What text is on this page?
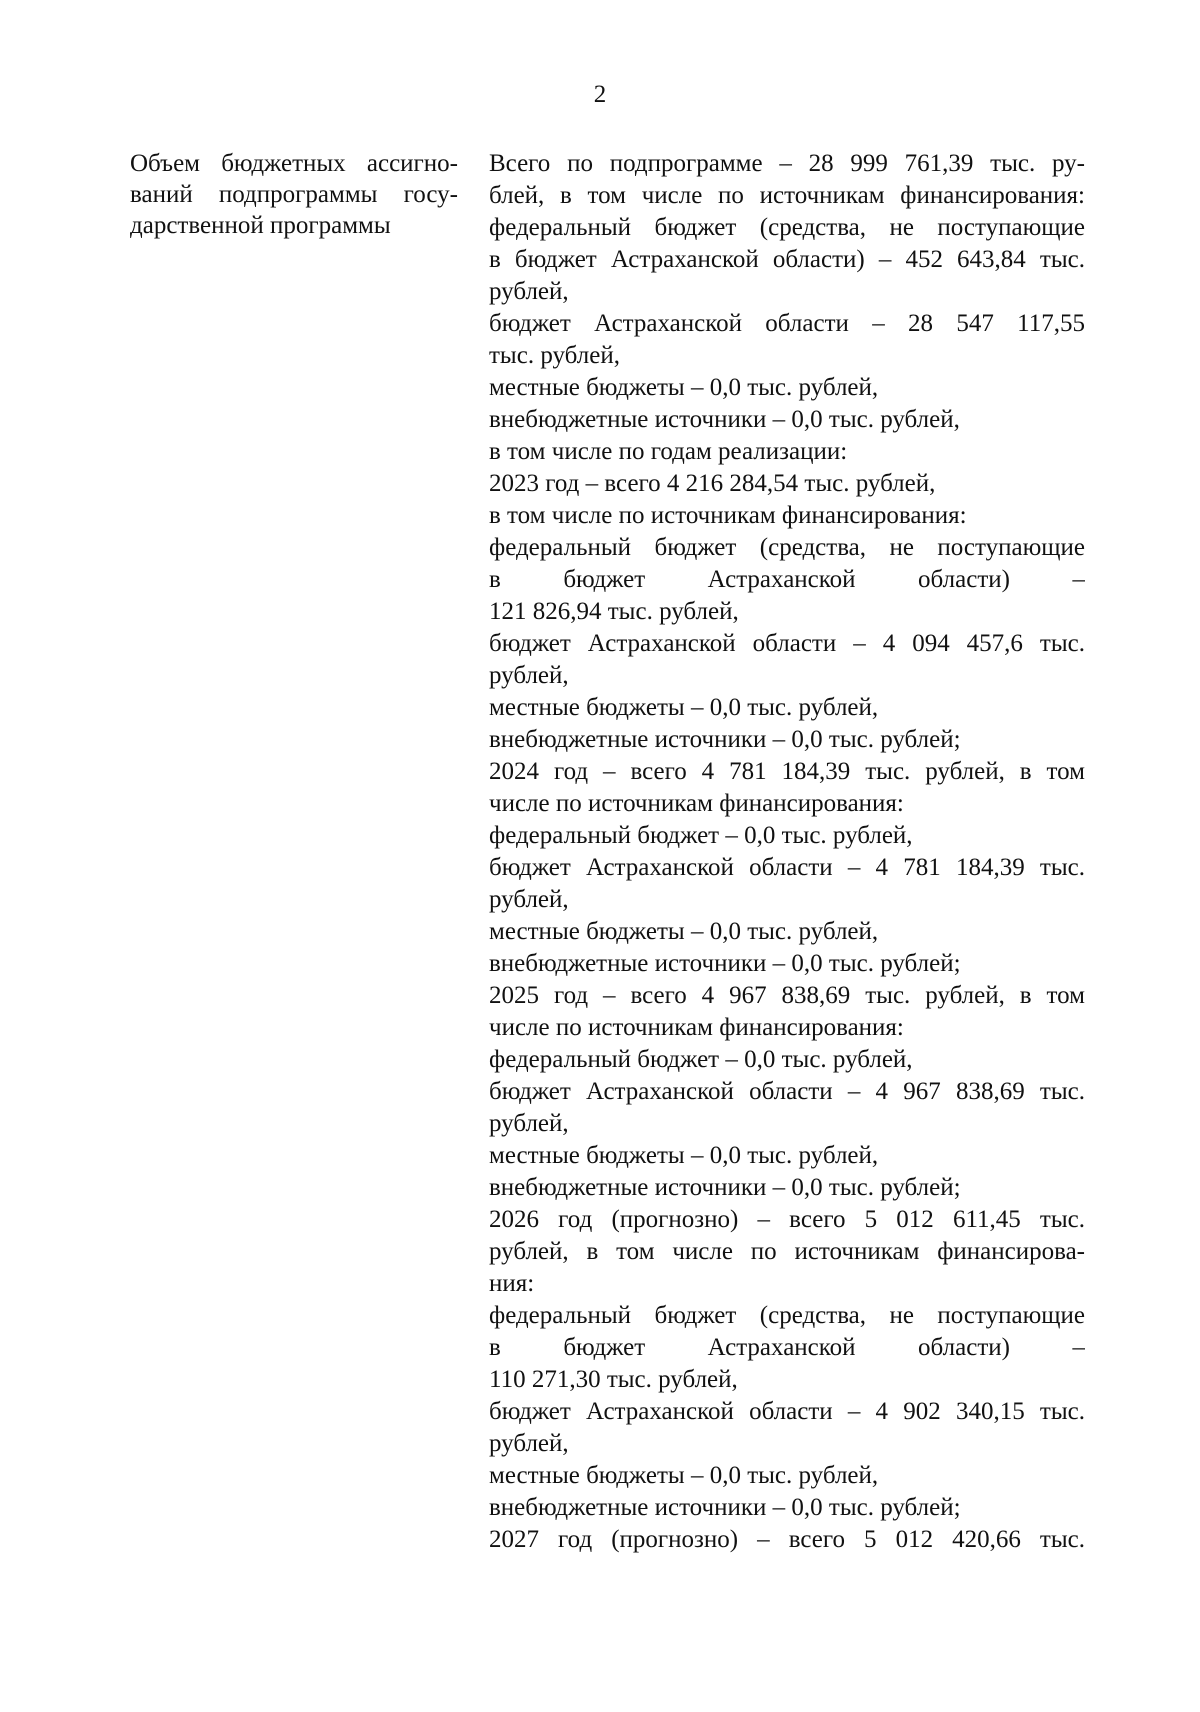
2
Объем бюджетных ассигно-
ваний подпрограммы госу-
дарственной программы
Всего по подпрограмме – 28 999 761,39 тыс. ру-
блей, в том числе по источникам финансирования:
федеральный бюджет (средства, не поступающие
в бюджет Астраханской области) – 452 643,84 тыс.
рублей,
бюджет Астраханской области – 28 547 117,55
тыс. рублей,
местные бюджеты – 0,0 тыс. рублей,
внебюджетные источники – 0,0 тыс. рублей,
в том числе по годам реализации:
2023 год – всего 4 216 284,54 тыс. рублей,
в том числе по источникам финансирования:
федеральный бюджет (средства, не поступающие
в бюджет Астраханской области) –
121 826,94 тыс. рублей,
бюджет Астраханской области – 4 094 457,6 тыс.
рублей,
местные бюджеты – 0,0 тыс. рублей,
внебюджетные источники – 0,0 тыс. рублей;
2024 год – всего 4 781 184,39 тыс. рублей, в том
числе по источникам финансирования:
федеральный бюджет – 0,0 тыс. рублей,
бюджет Астраханской области – 4 781 184,39 тыс.
рублей,
местные бюджеты – 0,0 тыс. рублей,
внебюджетные источники – 0,0 тыс. рублей;
2025 год – всего 4 967 838,69 тыс. рублей, в том
числе по источникам финансирования:
федеральный бюджет – 0,0 тыс. рублей,
бюджет Астраханской области – 4 967 838,69 тыс.
рублей,
местные бюджеты – 0,0 тыс. рублей,
внебюджетные источники – 0,0 тыс. рублей;
2026 год (прогнозно) – всего 5 012 611,45 тыс.
рублей, в том числе по источникам финансирова-
ния:
федеральный бюджет (средства, не поступающие
в бюджет Астраханской области) –
110 271,30 тыс. рублей,
бюджет Астраханской области – 4 902 340,15 тыс.
рублей,
местные бюджеты – 0,0 тыс. рублей,
внебюджетные источники – 0,0 тыс. рублей;
2027 год (прогнозно) – всего 5 012 420,66 тыс.
